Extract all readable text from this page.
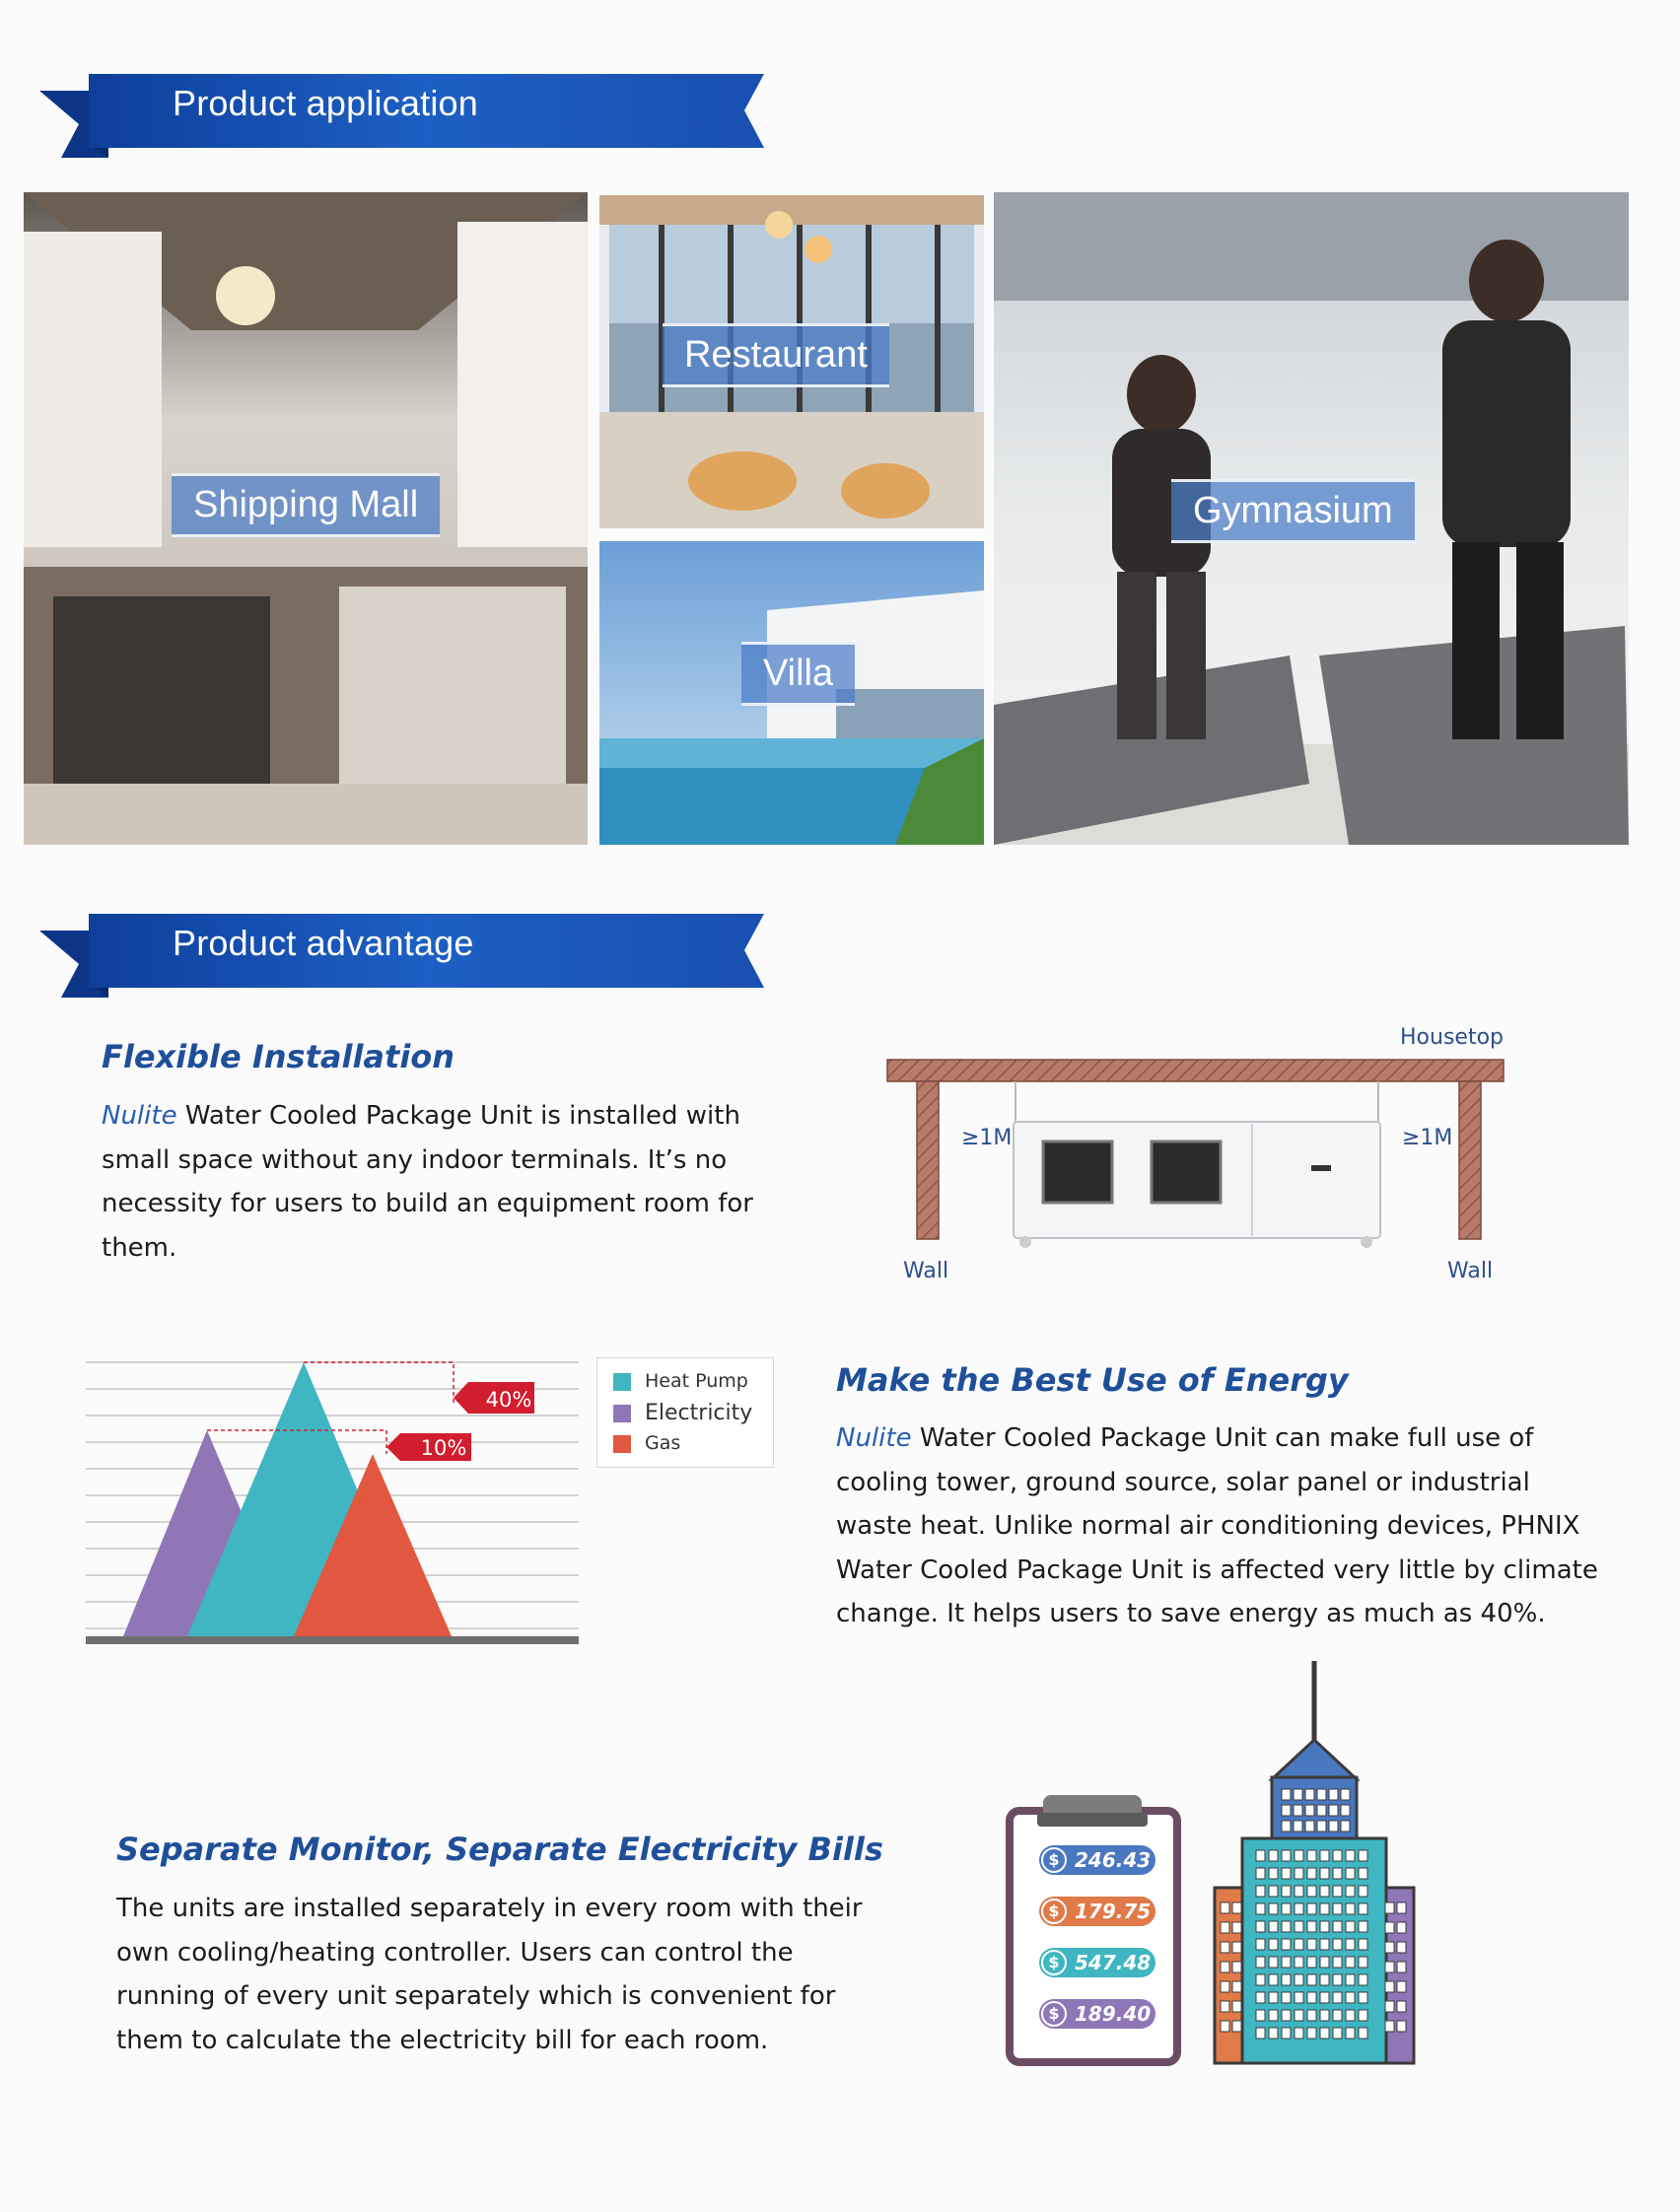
Product application
Shipping Mall
Restaurant
Villa
Gymnasium
Product advantage
Flexible Installation
Nulite Water Cooled Package Unit is installed with
small space without any indoor terminals. It’s no
necessity for users to build an equipment room for
them.
Housetop
≥1M	≥1M
Wall	Wall
40%
10%
Heat Pump
Electricity
Gas
Make the Best Use of Energy
Nulite Water Cooled Package Unit can make full use of
cooling tower, ground source, solar panel or industrial
waste heat. Unlike normal air conditioning devices, PHNIX
Water Cooled Package Unit is affected very little by climate
change. It helps users to save energy as much as 40%.
Separate Monitor, Separate Electricity Bills
The units are installed separately in every room with their
own cooling/heating controller. Users can control the
running of every unit separately which is convenient for
them to calculate the electricity bill for each room.
$ 246.43
$ 179.75
$ 547.48
$ 189.40
